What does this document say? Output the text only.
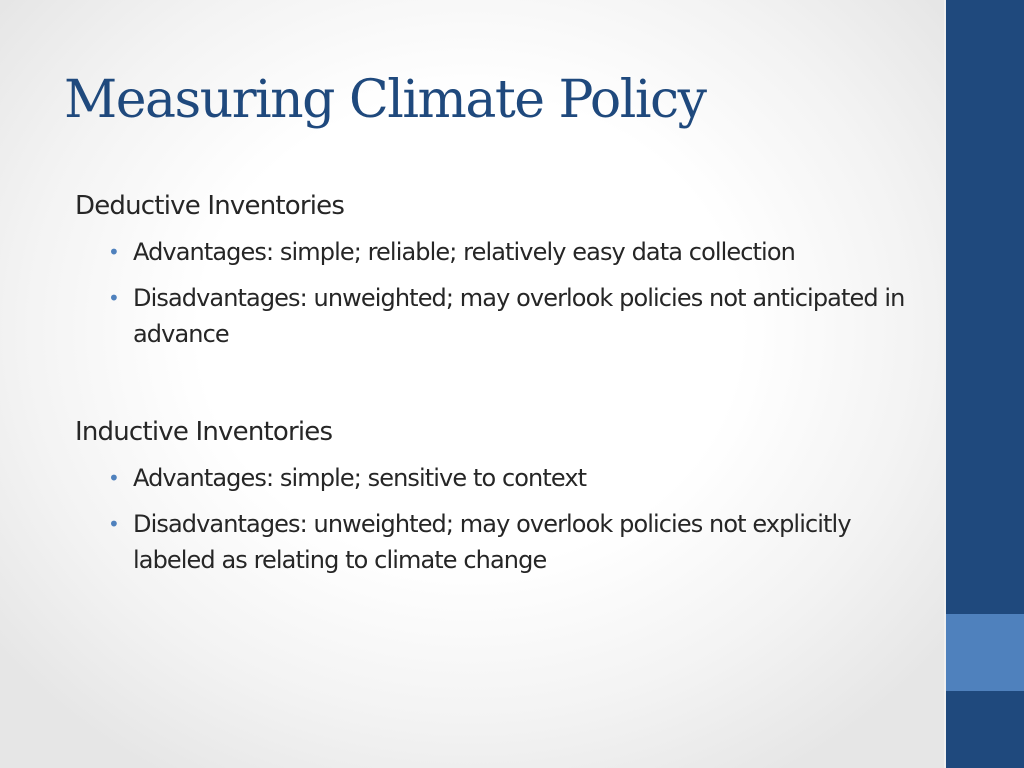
Measuring Climate Policy
Deductive Inventories
• Advantages: simple; reliable; relatively easy data collection
• Disadvantages: unweighted; may overlook policies not anticipated in advance
Inductive Inventories
• Advantages: simple; sensitive to context
• Disadvantages: unweighted; may overlook policies not explicitly labeled as relating to climate change
